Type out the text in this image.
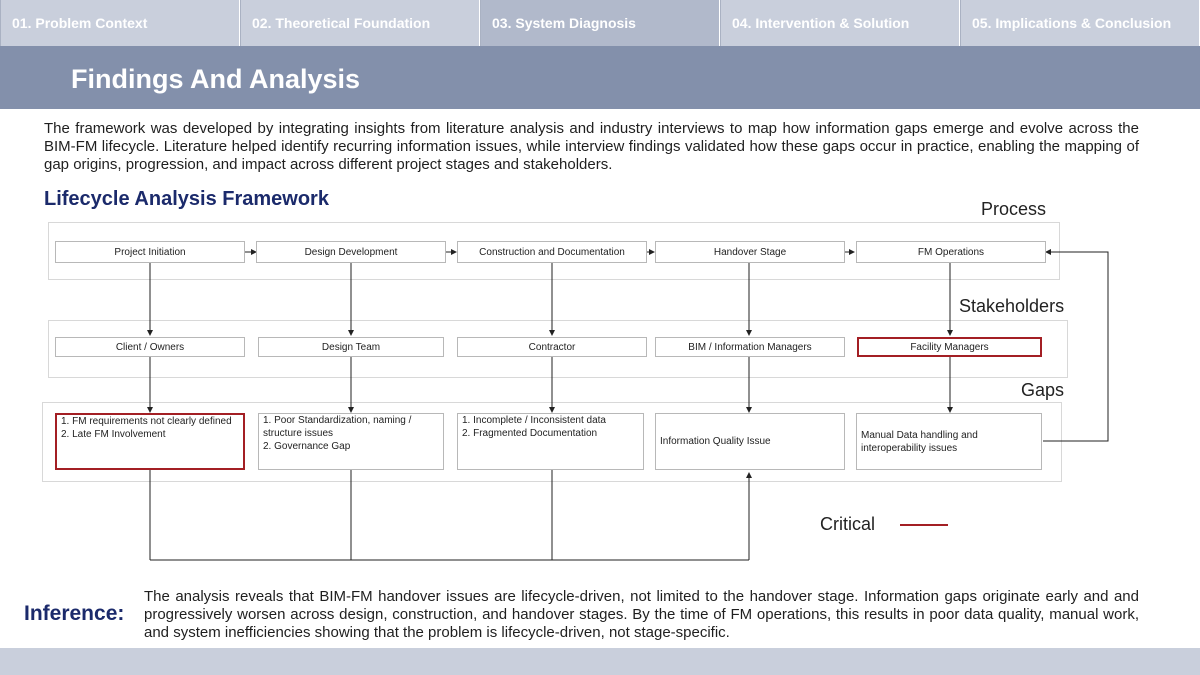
01. Problem Context	02. Theoretical Foundation	03. System Diagnosis	04. Intervention & Solution	05. Implications & Conclusion
Findings And Analysis

The framework was developed by integrating insights from literature analysis and industry interviews to map how information gaps emerge and evolve across the BIM-FM lifecycle. Literature helped identify recurring information issues, while interview findings validated how these gaps occur in practice, enabling the mapping of gap origins, progression, and impact across different project stages and stakeholders.

Lifecycle Analysis Framework
Project Initiation	Design Development	Construction and Documentation	Handover Stage	FM Operations
Client / Owners	Design Team	Contractor	BIM / Information Managers	Facility Managers
1. FM requirements not clearly defined
2. Late FM Involvement
1. Poor Standardization, naming / structure issues
2. Governance Gap
1. Incomplete / Inconsistent data
2. Fragmented Documentation
Information Quality Issue
Manual Data handling and interoperability issues
Process
Stakeholders
Gaps
Critical
Inference:

The analysis reveals that BIM-FM handover issues are lifecycle-driven, not limited to the handover stage. Information gaps originate early and and progressively worsen across design, construction, and handover stages. By the time of FM operations, this results in poor data quality, manual work, and system inefficiencies showing that the problem is lifecycle-driven, not stage-specific.
